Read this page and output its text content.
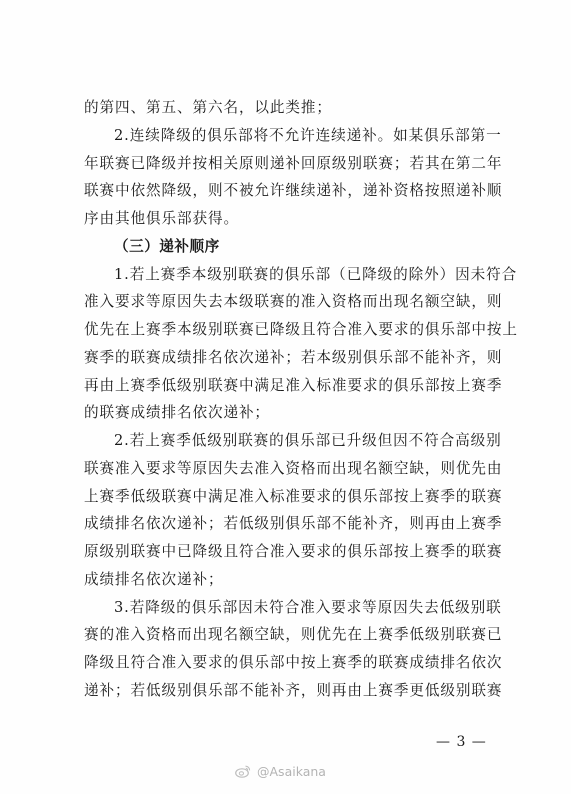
的第四、第五、第六名，以此类推；
2.连续降级的俱乐部将不允许连续递补。如某俱乐部第一
年联赛已降级并按相关原则递补回原级别联赛；若其在第二年
联赛中依然降级，则不被允许继续递补，递补资格按照递补顺
序由其他俱乐部获得。
（三）递补顺序
1.若上赛季本级别联赛的俱乐部（已降级的除外）因未符合
准入要求等原因失去本级联赛的准入资格而出现名额空缺，则
优先在上赛季本级别联赛已降级且符合准入要求的俱乐部中按上
赛季的联赛成绩排名依次递补；若本级别俱乐部不能补齐，则
再由上赛季低级别联赛中满足准入标准要求的俱乐部按上赛季
的联赛成绩排名依次递补；
2.若上赛季低级别联赛的俱乐部已升级但因不符合高级别
联赛准入要求等原因失去准入资格而出现名额空缺，则优先由
上赛季低级联赛中满足准入标准要求的俱乐部按上赛季的联赛
成绩排名依次递补；若低级别俱乐部不能补齐，则再由上赛季
原级别联赛中已降级且符合准入要求的俱乐部按上赛季的联赛
成绩排名依次递补；
3.若降级的俱乐部因未符合准入要求等原因失去低级别联
赛的准入资格而出现名额空缺，则优先在上赛季低级别联赛已
降级且符合准入要求的俱乐部中按上赛季的联赛成绩排名依次
递补；若低级别俱乐部不能补齐，则再由上赛季更低级别联赛
— 3 —
@Asaikana
